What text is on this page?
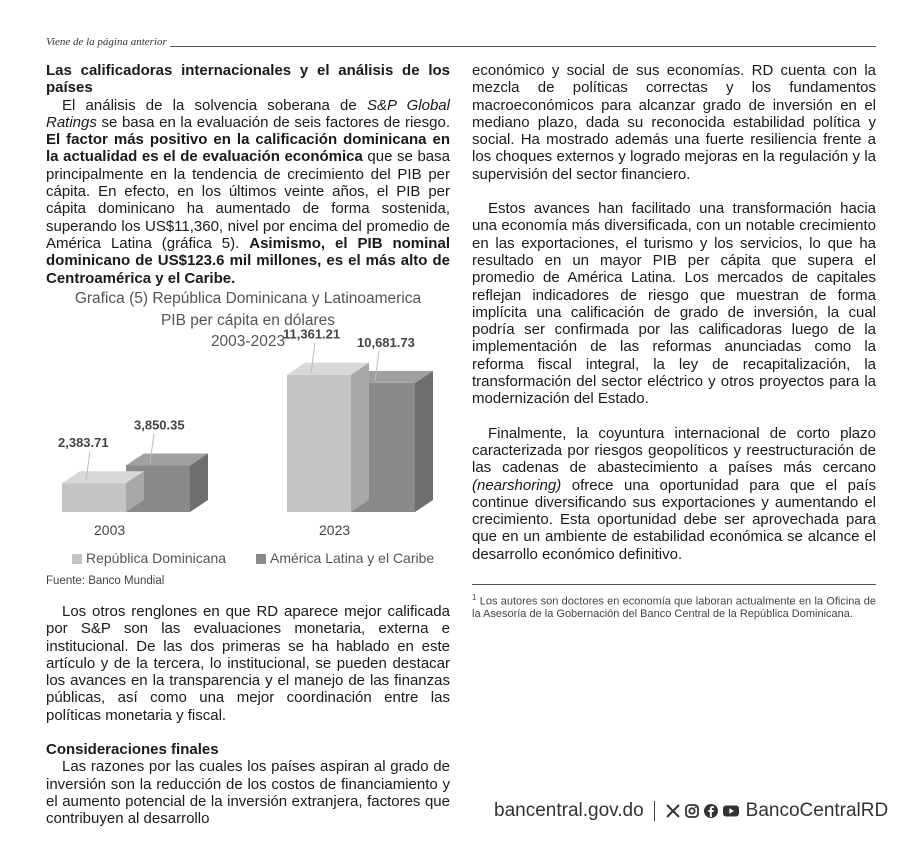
Viene de la página anterior

Las calificadoras internacionales y el análisis de los países

El análisis de la solvencia soberana de S&P Global Ratings se basa en la evaluación de seis factores de riesgo. El factor más positivo en la calificación dominicana en la actualidad es el de evaluación económica que se basa principalmente en la tendencia de crecimiento del PIB per cápita. En efecto, en los últimos veinte años, el PIB per cápita dominicano ha aumentado de forma sostenida, superando los US$11,360, nivel por encima del promedio de América Latina (gráfica 5). Asimismo, el PIB nominal dominicano de US$123.6 mil millones, es el más alto de Centroamérica y el Caribe.

Grafica (5) República Dominicana y Latinoamerica
PIB per cápita en dólares
2003-2023
3,850.35
2,383.71
10,681.73
11,361.21
2003	2023
República Dominicana	América Latina y el Caribe
Fuente: Banco Mundial

Los otros renglones en que RD aparece mejor calificada por S&P son las evaluaciones monetaria, externa e institucional. De las dos primeras se ha hablado en este artículo y de la tercera, lo institucional, se pueden destacar los avances en la transparencia y el manejo de las finanzas públicas, así como una mejor coordinación entre las políticas monetaria y fiscal.

Consideraciones finales

Las razones por las cuales los países aspiran al grado de inversión son la reducción de los costos de financiamiento y el aumento potencial de la inversión extranjera, factores que contribuyen al desarrollo

económico y social de sus economías. RD cuenta con la mezcla de políticas correctas y los fundamentos macroeconómicos para alcanzar grado de inversión en el mediano plazo, dada su reconocida estabilidad política y social. Ha mostrado además una fuerte resiliencia frente a los choques externos y logrado mejoras en la regulación y la supervisión del sector financiero.

Estos avances han facilitado una transformación hacia una economía más diversificada, con un notable crecimiento en las exportaciones, el turismo y los servicios, lo que ha resultado en un mayor PIB per cápita que supera el promedio de América Latina. Los mercados de capitales reflejan indicadores de riesgo que muestran de forma implícita una calificación de grado de inversión, la cual podría ser confirmada por las calificadoras luego de la implementación de las reformas anunciadas como la reforma fiscal integral, la ley de recapitalización, la transformación del sector eléctrico y otros proyectos para la modernización del Estado.

Finalmente, la coyuntura internacional de corto plazo caracterizada por riesgos geopolíticos y reestructuración de las cadenas de abastecimiento a países más cercano (nearshoring) ofrece una oportunidad para que el país continue diversificando sus exportaciones y aumentando el crecimiento. Esta oportunidad debe ser aprovechada para que en un ambiente de estabilidad económica se alcance el desarrollo económico definitivo.

$^1$ Los autores son doctores en economía que laboran actualmente en la Oficina de la Asesoría de la Gobernación del Banco Central de la República Dominicana.
bancentral.gov.do	BancoCentralRD
